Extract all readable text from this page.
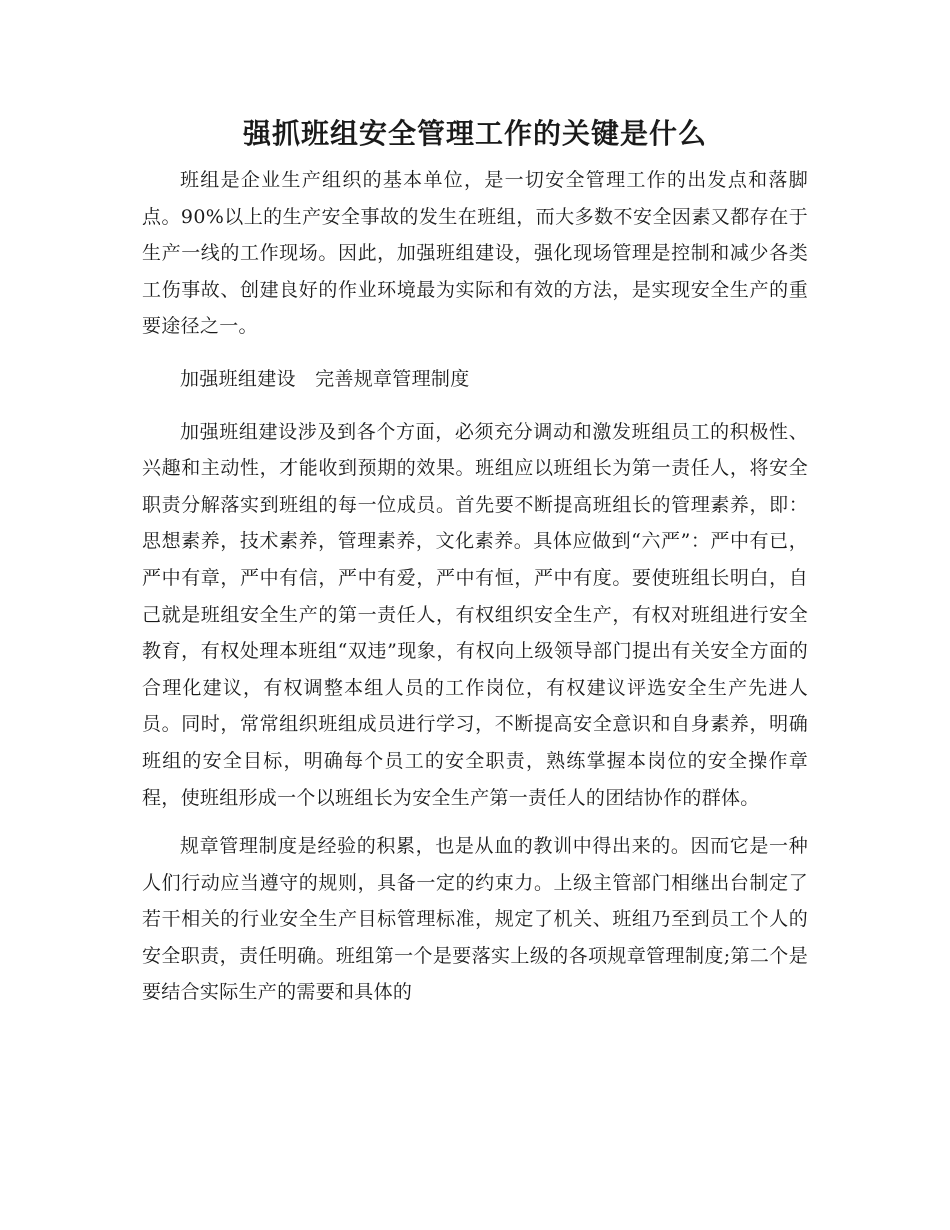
强抓班组安全管理工作的关键是什么

班组是企业生产组织的基本单位，是一切安全管理工作的出发点和落脚点。90%以上的生产安全事故的发生在班组，而大多数不安全因素又都存在于生产一线的工作现场。因此，加强班组建设，强化现场管理是控制和减少各类工伤事故、创建良好的作业环境最为实际和有效的方法，是实现安全生产的重要途径之一。

加强班组建设　完善规章管理制度

加强班组建设涉及到各个方面，必须充分调动和激发班组员工的积极性、兴趣和主动性，才能收到预期的效果。班组应以班组长为第一责任人，将安全职责分解落实到班组的每一位成员。首先要不断提高班组长的管理素养，即：思想素养，技术素养，管理素养，文化素养。具体应做到“六严”：严中有已，严中有章，严中有信，严中有爱，严中有恒，严中有度。要使班组长明白，自己就是班组安全生产的第一责任人，有权组织安全生产，有权对班组进行安全教育，有权处理本班组“双违”现象，有权向上级领导部门提出有关安全方面的合理化建议，有权调整本组人员的工作岗位，有权建议评选安全生产先进人员。同时，常常组织班组成员进行学习，不断提高安全意识和自身素养，明确班组的安全目标，明确每个员工的安全职责，熟练掌握本岗位的安全操作章程，使班组形成一个以班组长为安全生产第一责任人的团结协作的群体。

规章管理制度是经验的积累，也是从血的教训中得出来的。因而它是一种人们行动应当遵守的规则，具备一定的约束力。上级主管部门相继出台制定了若干相关的行业安全生产目标管理标准，规定了机关、班组乃至到员工个人的安全职责，责任明确。班组第一个是要落实上级的各项规章管理制度;第二个是要结合实际生产的需要和具体的
